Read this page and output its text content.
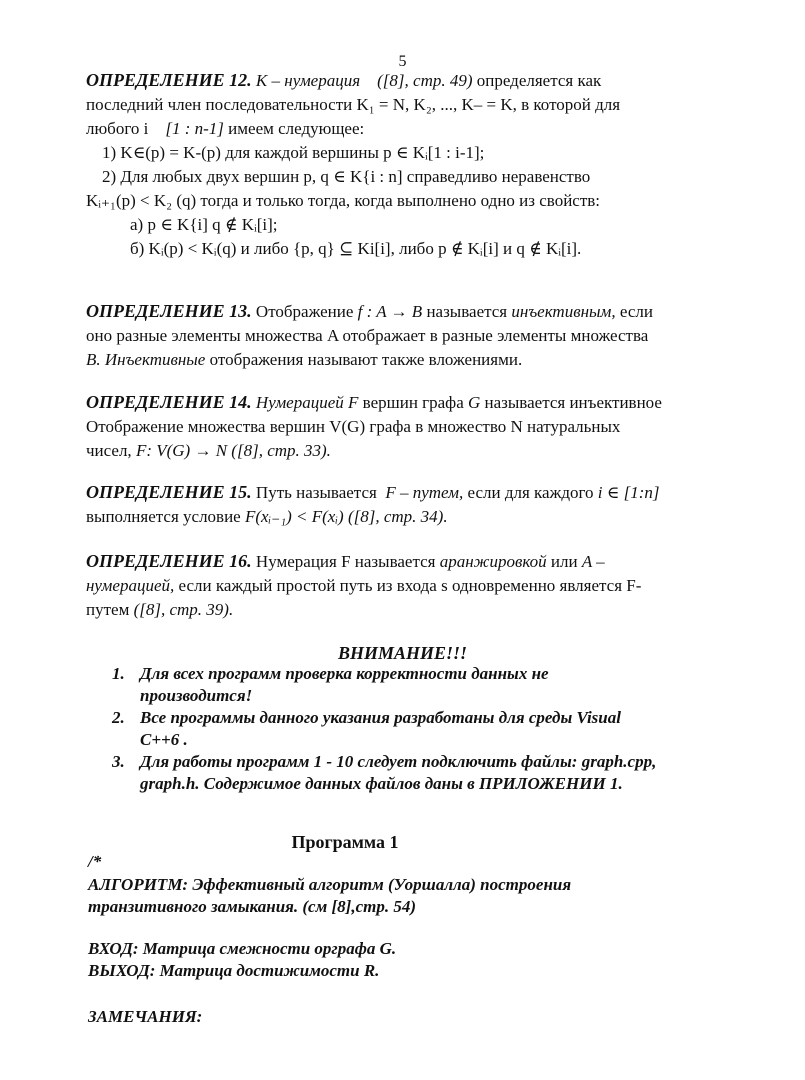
5

ОПРЕДЕЛЕНИЕ 12. K – нумерация ([8], стр. 49) определяется как

последний член последовательности K₁ = N, K₂, ..., K– = K, в которой для

любого i [1 : n-1] имеем следующее:

1) K∈(p) = K-(p) для каждой вершины p ∈ Kᵢ[1 : i-1];

2) Для любых двух вершин p, q ∈ K{i : n] справедливо неравенство

Kᵢ₊₁(p) < K₂ (q) тогда и только тогда, когда выполнено одно из свойств:

а) p ∈ K{i] q ∉ Kᵢ[i];

б) Kᵢ(p) < Kᵢ(q) и либо {p, q} ⊆ Ki[i], либо p ∉ Kᵢ[i] и q ∉ Kᵢ[i].

ОПРЕДЕЛЕНИЕ 13. Отображение f : A → B называется инъективным, если

оно разные элементы множества A отображает в разные элементы множества

B. Инъективные отображения называют также вложениями.

ОПРЕДЕЛЕНИЕ 14. Нумерацией F вершин графа G называется инъективное

Отображение множества вершин V(G) графа в множество N натуральных

чисел, F: V(G) → N ([8], стр. 33).

ОПРЕДЕЛЕНИЕ 15. Путь называется F – путем, если для каждого i ∈ [1:n]

выполняется условие F(xᵢ₋₁) < F(xᵢ) ([8], стр. 34).

ОПРЕДЕЛЕНИЕ 16. Нумерация F называется аранжировкой или A –

нумерацией, если каждый простой путь из входа s одновременно является F-

путем ([8], стр. 39).

ВНИМАНИЕ!!!
1. Для всех программ проверка корректности данных не
производится!
2. Все программы данного указания разработаны для среды Visual
C++6 .
3. Для работы программ 1 - 10 следует подключить файлы: graph.cpp,
graph.h. Содержимое данных файлов даны в ПРИЛОЖЕНИИ 1.
Программа 1

/*

АЛГОРИТМ: Эффективный алгоритм (Уоршалла) построения

транзитивного замыкания. (см [8],стр. 54)

ВХОД: Матрица смежности орграфа G.

ВЫХОД: Матрица достижимости R.

ЗАМЕЧАНИЯ:
